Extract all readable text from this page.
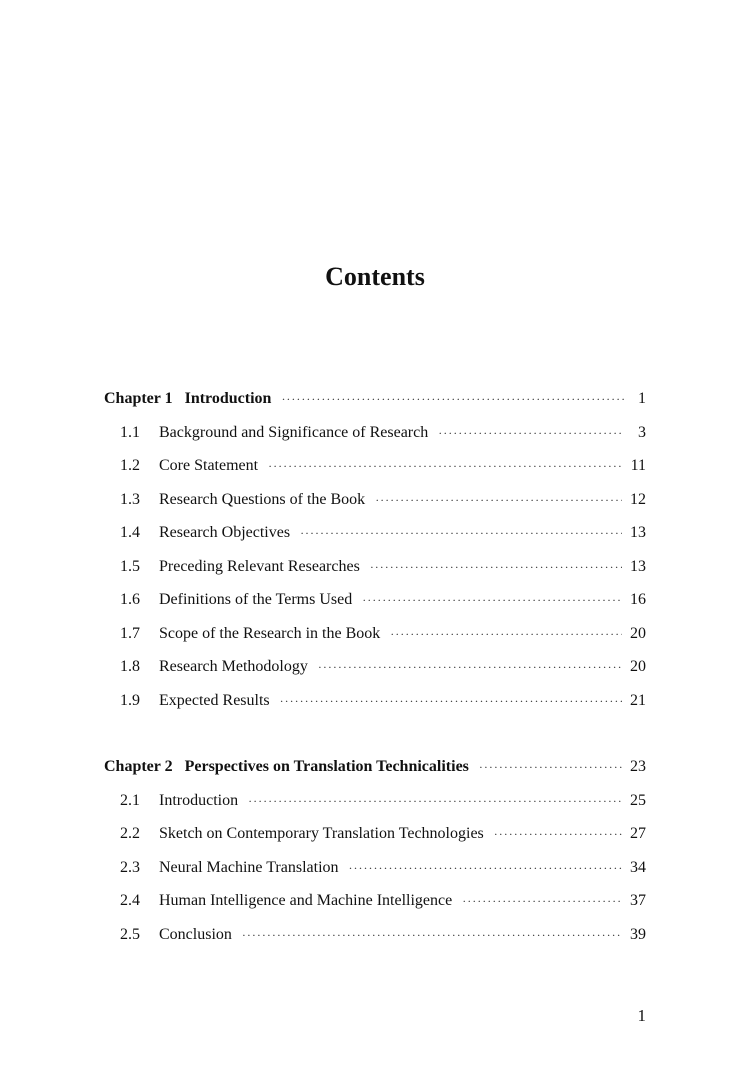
Contents
Chapter 1 Introduction ·····	1
1.1	Background and Significance of Research ·····	3
1.2	Core Statement ·····	11
1.3	Research Questions of the Book ·····	12
1.4	Research Objectives ·····	13
1.5	Preceding Relevant Researches ·····	13
1.6	Definitions of the Terms Used ·····	16
1.7	Scope of the Research in the Book ·····	20
1.8	Research Methodology ·····	20
1.9	Expected Results ·····	21
Chapter 2 Perspectives on Translation Technicalities ·····	23
2.1	Introduction ·····	25
2.2	Sketch on Contemporary Translation Technologies ·····	27
2.3	Neural Machine Translation ·····	34
2.4	Human Intelligence and Machine Intelligence ·····	37
2.5	Conclusion ·····	39
1
